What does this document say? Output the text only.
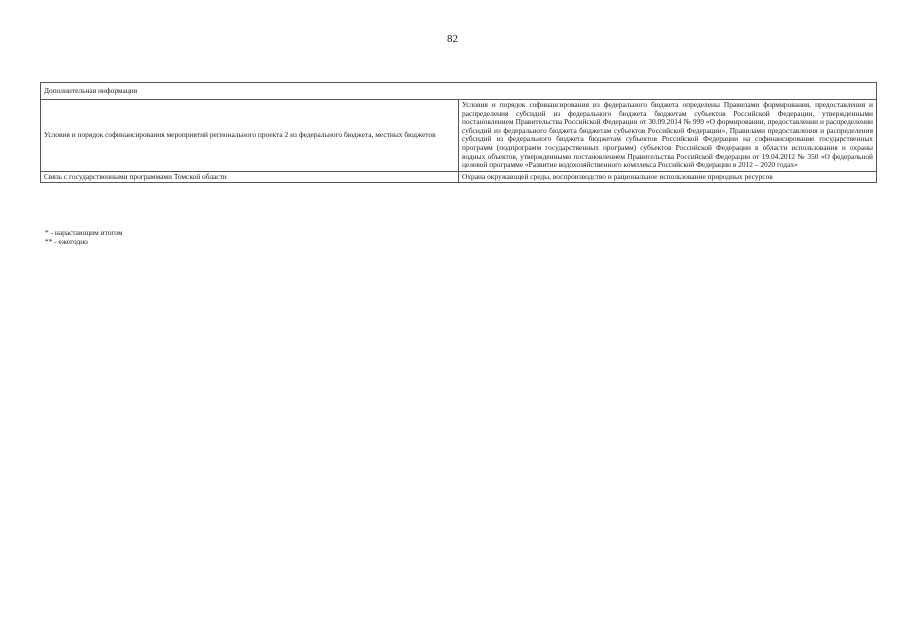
82
Дополнительная информация	
Условия и порядок софинансирования мероприятий регионального проекта 2 из федерального бюджета, местных бюджетов	Условия и порядок софинансирования из федерального бюджета определены Правилами формирования, предоставления и распределения субсидий из федерального бюджета бюджетам субъектов Российской Федерации, утвержденными постановлением Правительства Российской Федерации от 30.09.2014 № 999 «О формировании, предоставлении и распределении субсидий из федерального бюджета бюджетам субъектов Российской Федерации», Правилами предоставления и распределения субсидий из федерального бюджета бюджетам субъектов Российской Федерации на софинансирование государственных программ (подпрограмм государственных программ) субъектов Российской Федерации в области использования и охраны водных объектов, утвержденными постановлением Правительства Российской Федерации от 19.04.2012 № 350 «О федеральной целевой программе «Развитие водохозяйственного комплекса Российской Федерации в 2012 – 2020 годах»
Связь с государственными программами Томской области	Охрана окружающей среды, воспроизводство и рациональное использование природных ресурсов
* - нарастающим итогом
** - ежегодно
